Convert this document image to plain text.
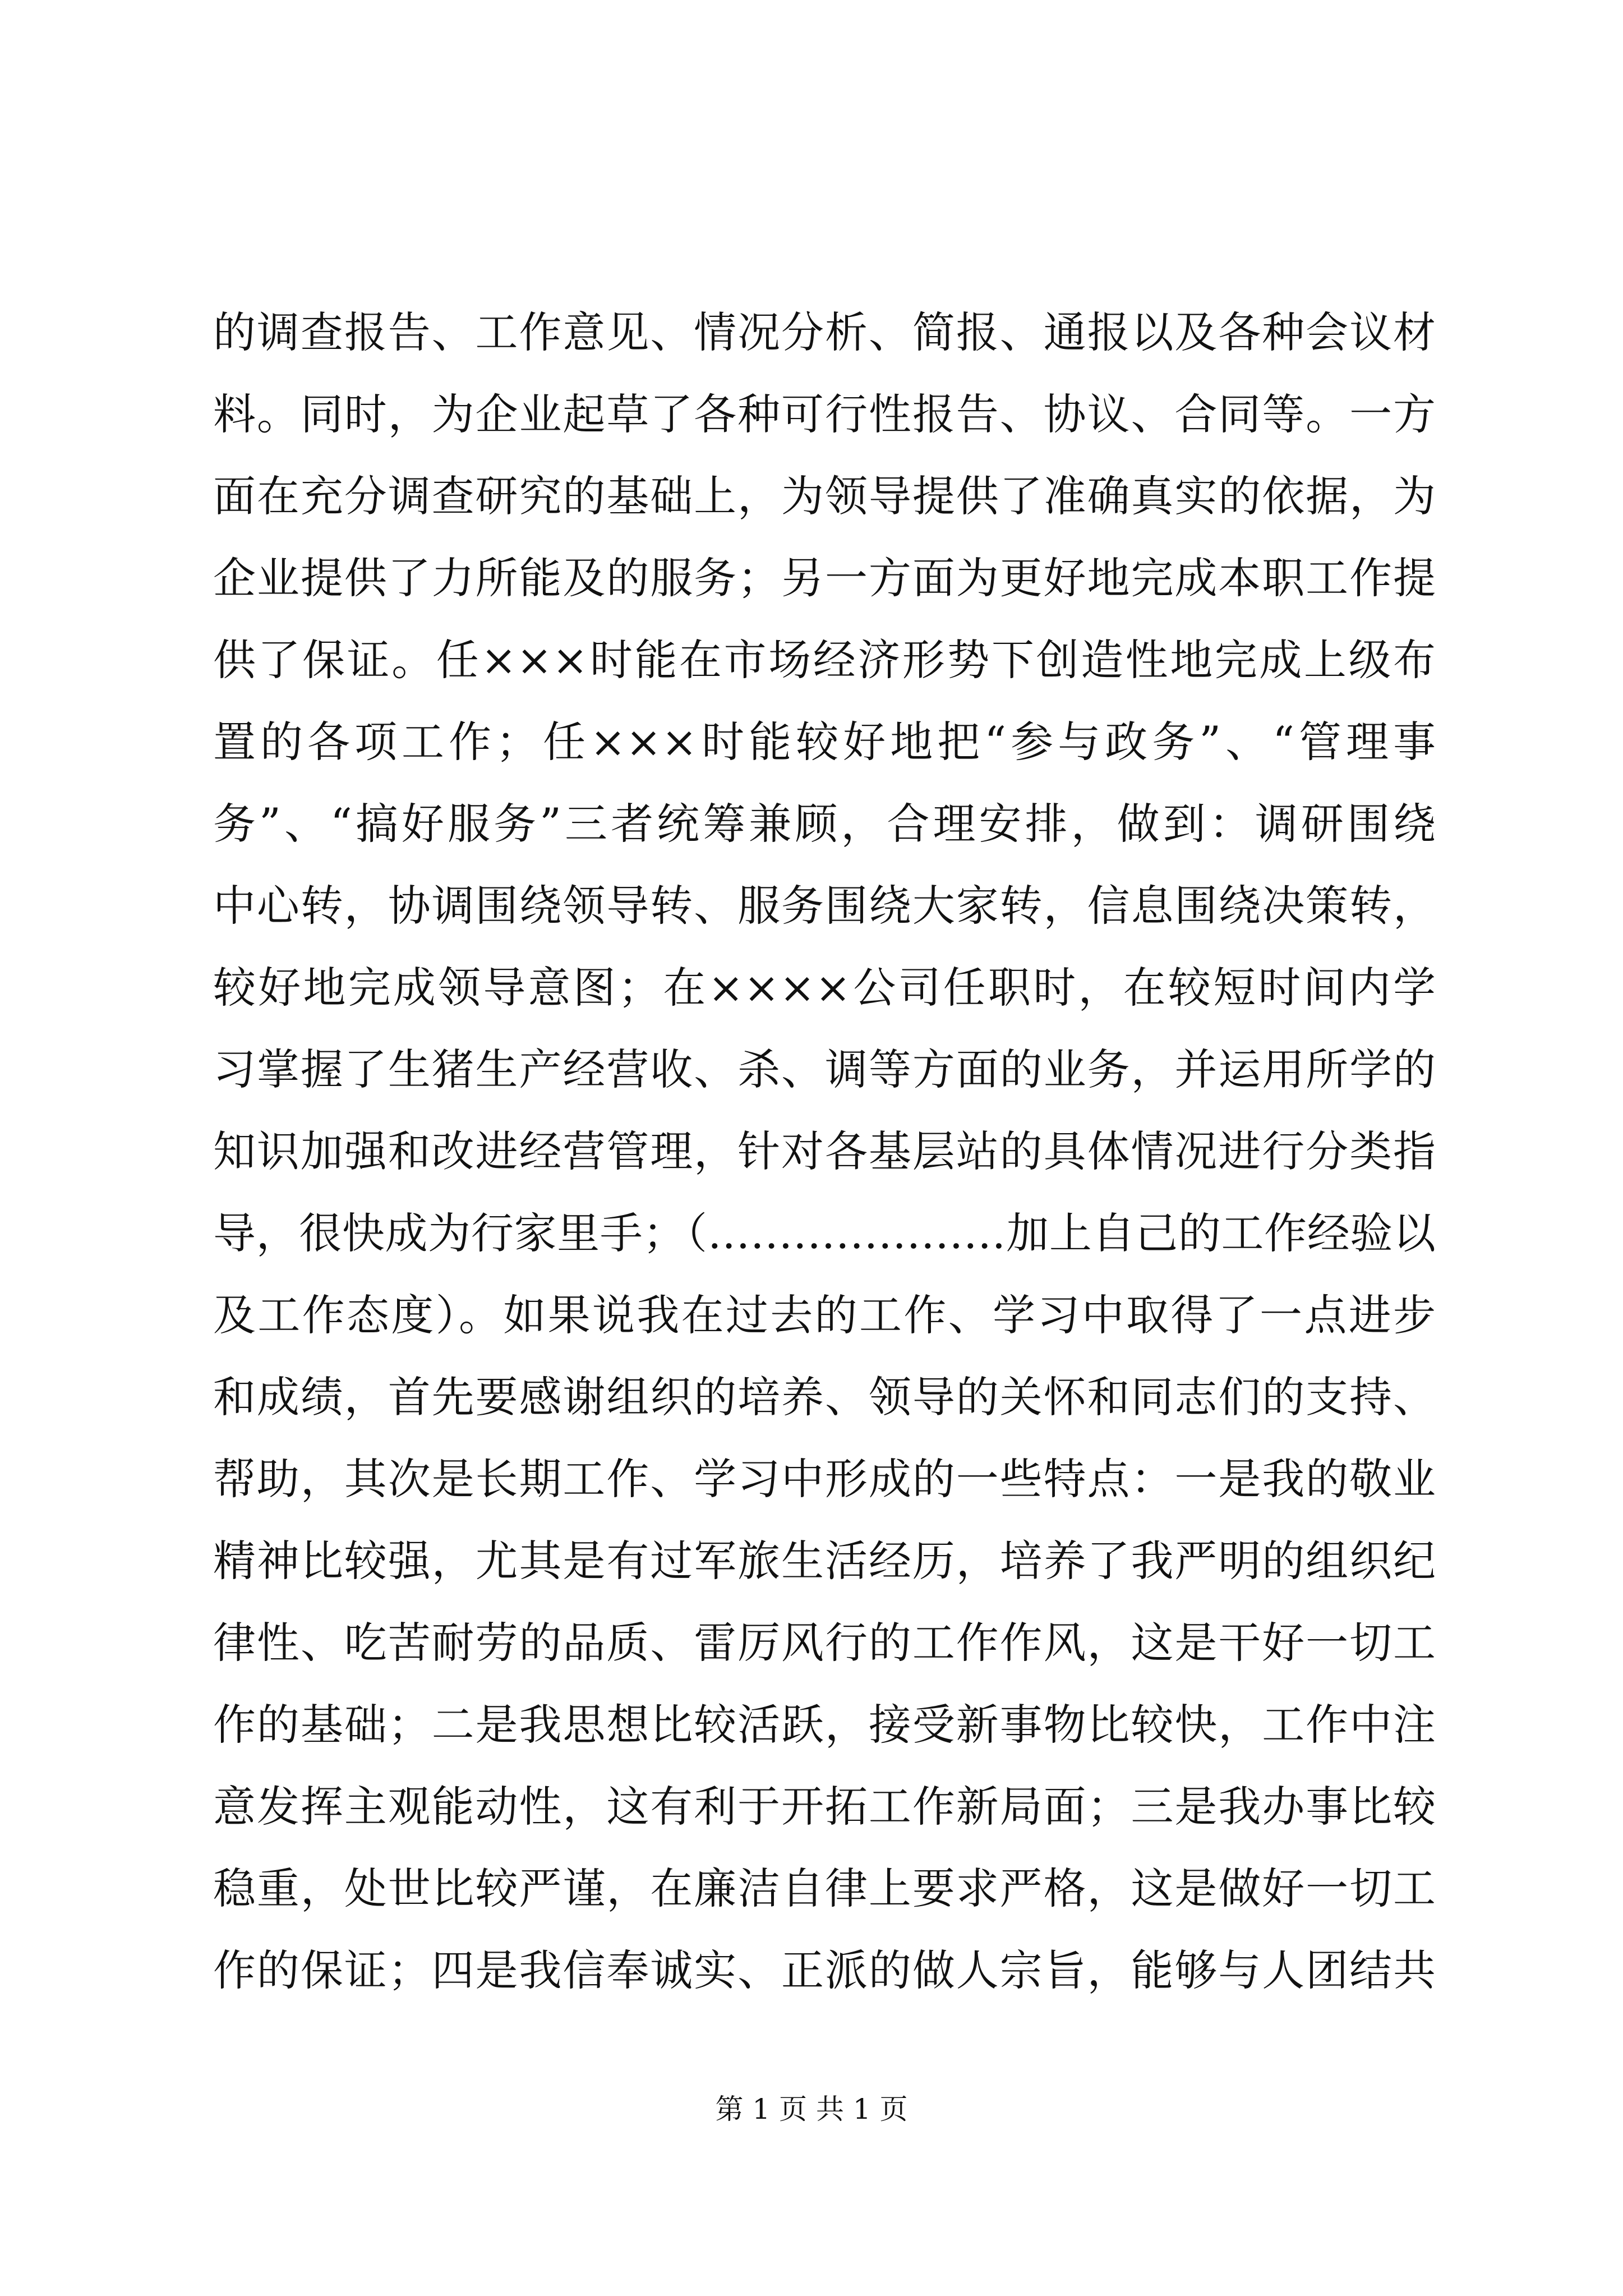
的调查报告、工作意见、情况分析、简报、通报以及各种会议材
料。同时，为企业起草了各种可行性报告、协议、合同等。一方
面在充分调查研究的基础上，为领导提供了准确真实的依据，为
企业提供了力所能及的服务；另一方面为更好地完成本职工作提
供了保证。任×××时能在市场经济形势下创造性地完成上级布
置的各项工作；任×××时能较好地把“参与政务”、“管理事
务”、“搞好服务”三者统筹兼顾，合理安排，做到：调研围绕
中心转，协调围绕领导转、服务围绕大家转，信息围绕决策转，
较好地完成领导意图；在××××公司任职时，在较短时间内学
习掌握了生猪生产经营收、杀、调等方面的业务，并运用所学的
知识加强和改进经营管理，针对各基层站的具体情况进行分类指
导，很快成为行家里手；（…………………加上自己的工作经验以
及工作态度）。如果说我在过去的工作、学习中取得了一点进步
和成绩，首先要感谢组织的培养、领导的关怀和同志们的支持、
帮助，其次是长期工作、学习中形成的一些特点：一是我的敬业
精神比较强，尤其是有过军旅生活经历，培养了我严明的组织纪
律性、吃苦耐劳的品质、雷厉风行的工作作风，这是干好一切工
作的基础；二是我思想比较活跃，接受新事物比较快，工作中注
意发挥主观能动性，这有利于开拓工作新局面；三是我办事比较
稳重，处世比较严谨，在廉洁自律上要求严格，这是做好一切工
作的保证；四是我信奉诚实、正派的做人宗旨，能够与人团结共
第 1 页 共 1 页
